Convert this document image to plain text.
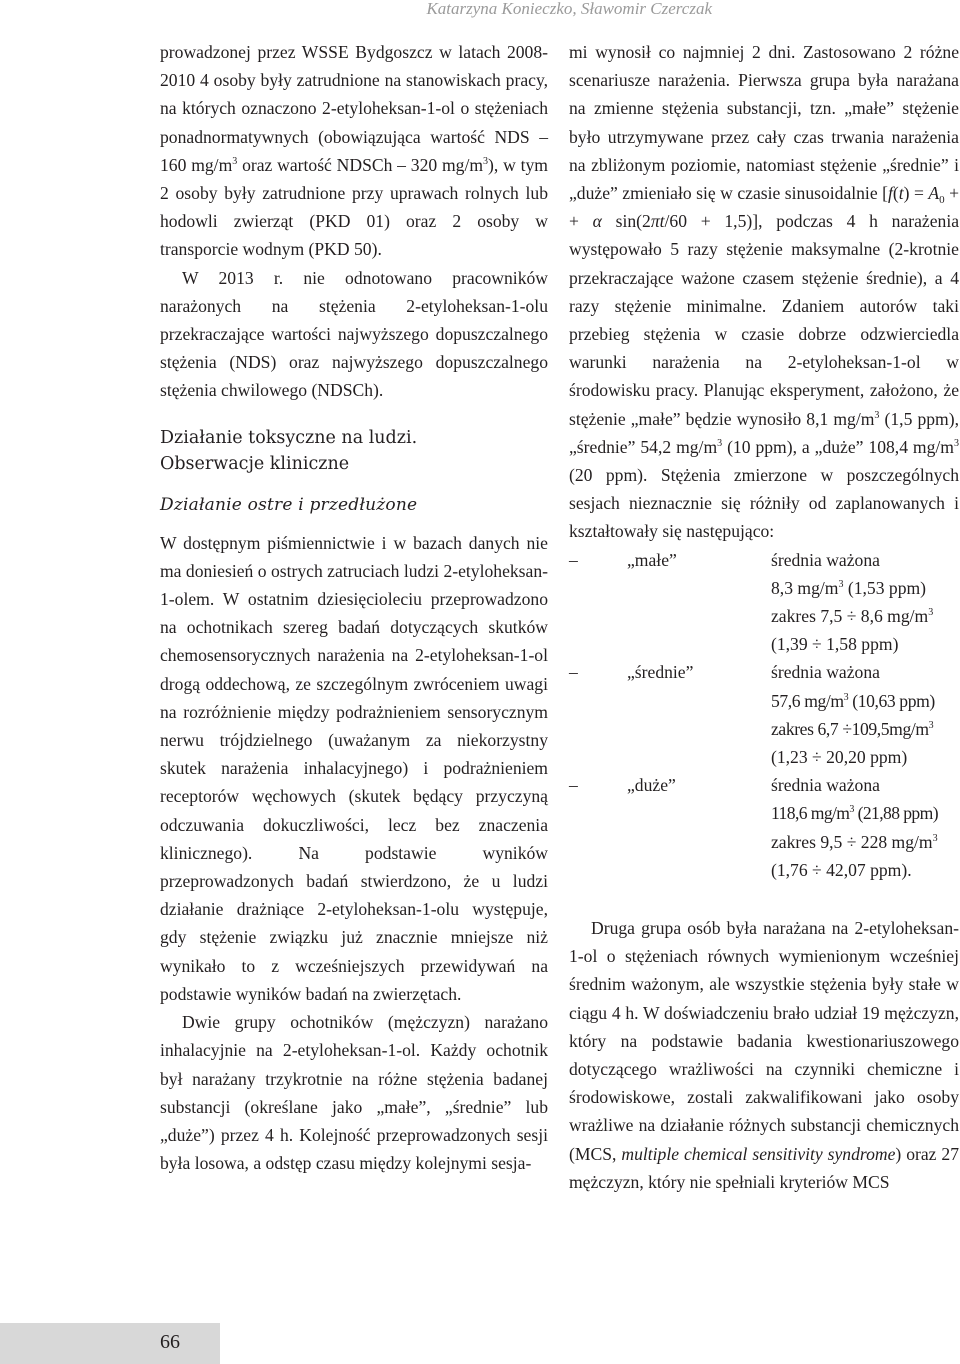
Katarzyna Konieczko, Sławomir Czerczak

prowadzonej przez WSSE Bydgoszcz w latach 2008-2010 4 osoby były zatrudnione na stanowiskach pracy, na których oznaczono 2-etyloheksan-1-ol o stężeniach ponadnormatywnych (obowiązująca wartość NDS – 160 $mg/m^3$ oraz wartość NDSCh – 320 $mg/m^3$), w tym 2 osoby były zatrudnione przy uprawach rolnych lub hodowli zwierząt (PKD 01) oraz 2 osoby w transporcie wodnym (PKD 50).

W 2013 r. nie odnotowano pracowników narażonych na stężenia 2-etyloheksan-1-olu przekraczające wartości najwyższego dopuszczalnego stężenia (NDS) oraz najwyższego dopuszczalnego stężenia chwilowego (NDSCh).

Działanie toksyczne na ludzi.
Obserwacje kliniczne

Działanie ostre i przedłużone

W dostępnym piśmiennictwie i w bazach danych nie ma doniesień o ostrych zatruciach ludzi 2-etyloheksan-1-olem. W ostatnim dziesięcioleciu przeprowadzono na ochotnikach szereg badań dotyczących skutków chemosensorycznych narażenia na 2-etyloheksan-1-ol drogą oddechową, ze szczególnym zwróceniem uwagi na rozróżnienie między podrażnieniem sensorycznym nerwu trójdzielnego (uważanym za niekorzystny skutek narażenia inhalacyjnego) i podrażnieniem receptorów węchowych (skutek będący przyczyną odczuwania dokuczliwości, lecz bez znaczenia klinicznego). Na podstawie wyników przeprowadzonych badań stwierdzono, że u ludzi działanie drażniące 2-etyloheksan-1-olu występuje, gdy stężenie związku już znacznie mniejsze niż wynikało to z wcześniejszych przewidywań na podstawie wyników badań na zwierzętach.

Dwie grupy ochotników (mężczyzn) narażano inhalacyjnie na 2-etyloheksan-1-ol. Każdy ochotnik był narażany trzykrotnie na różne stężenia badanej substancji (określane jako „małe”, „średnie” lub „duże”) przez 4 h. Kolejność przeprowadzonych sesji była losowa, a odstęp czasu między kolejnymi sesja-

mi wynosił co najmniej 2 dni. Zastosowano 2 różne scenariusze narażenia. Pierwsza grupa była narażana na zmienne stężenia substancji, tzn. „małe” stężenie było utrzymywane przez cały czas trwania narażenia na zbliżonym poziomie, natomiast stężenie „średnie” i „duże” zmieniało się w czasie sinusoidalnie [$f(t) = A_0$ + + α sin(2πt/60 + 1,5)], podczas 4 h narażenia występowało 5 razy stężenie maksymalne (2-krotnie przekraczające ważone czasem stężenie średnie), a 4 razy stężenie minimalne. Zdaniem autorów taki przebieg stężenia w czasie dobrze odzwierciedla warunki narażenia na 2-etyloheksan-1-ol w środowisku pracy. Planując eksperyment, założono, że stężenie „małe” będzie wynosiło 8,1 $mg/m^3$ (1,5 ppm), „średnie” 54,2 $mg/m^3$ (10 ppm), a „duże” 108,4 $mg/m^3$ (20 ppm). Stężenia zmierzone w poszczególnych sesjach nieznacznie się różniły od zaplanowanych i kształtowały się następująco:

–	„małe”	średnia ważona
8,3 $mg/m^3$ (1,53 ppm)
zakres 7,5 ÷ 8,6 $mg/m^3$
(1,39 ÷ 1,58 ppm)
–	„średnie”	średnia ważona
57,6 $mg/m^3$ (10,63 ppm)
zakres $6,7 \div 109,5mg/m^3$
(1,23 ÷ 20,20 ppm)
–	„duże”	średnia ważona
118,6 $mg/m^3$ (21,88 ppm)
zakres 9,5 ÷ 228 $mg/m^3$
(1,76 ÷ 42,07 ppm).

Druga grupa osób była narażana na 2-etyloheksan-1-ol o stężeniach równych wymienionym wcześniej średnim ważonym, ale wszystkie stężenia były stałe w ciągu 4 h. W doświadczeniu brało udział 19 mężczyzn, który na podstawie badania kwestionariuszowego dotyczącego wrażliwości na czynniki chemiczne i środowiskowe, zostali zakwalifikowani jako osoby wrażliwe na działanie różnych substancji chemicznych (MCS, multiple chemical sensitivity syndrome) oraz 27 mężczyzn, który nie spełniali kryteriów MCS

66
